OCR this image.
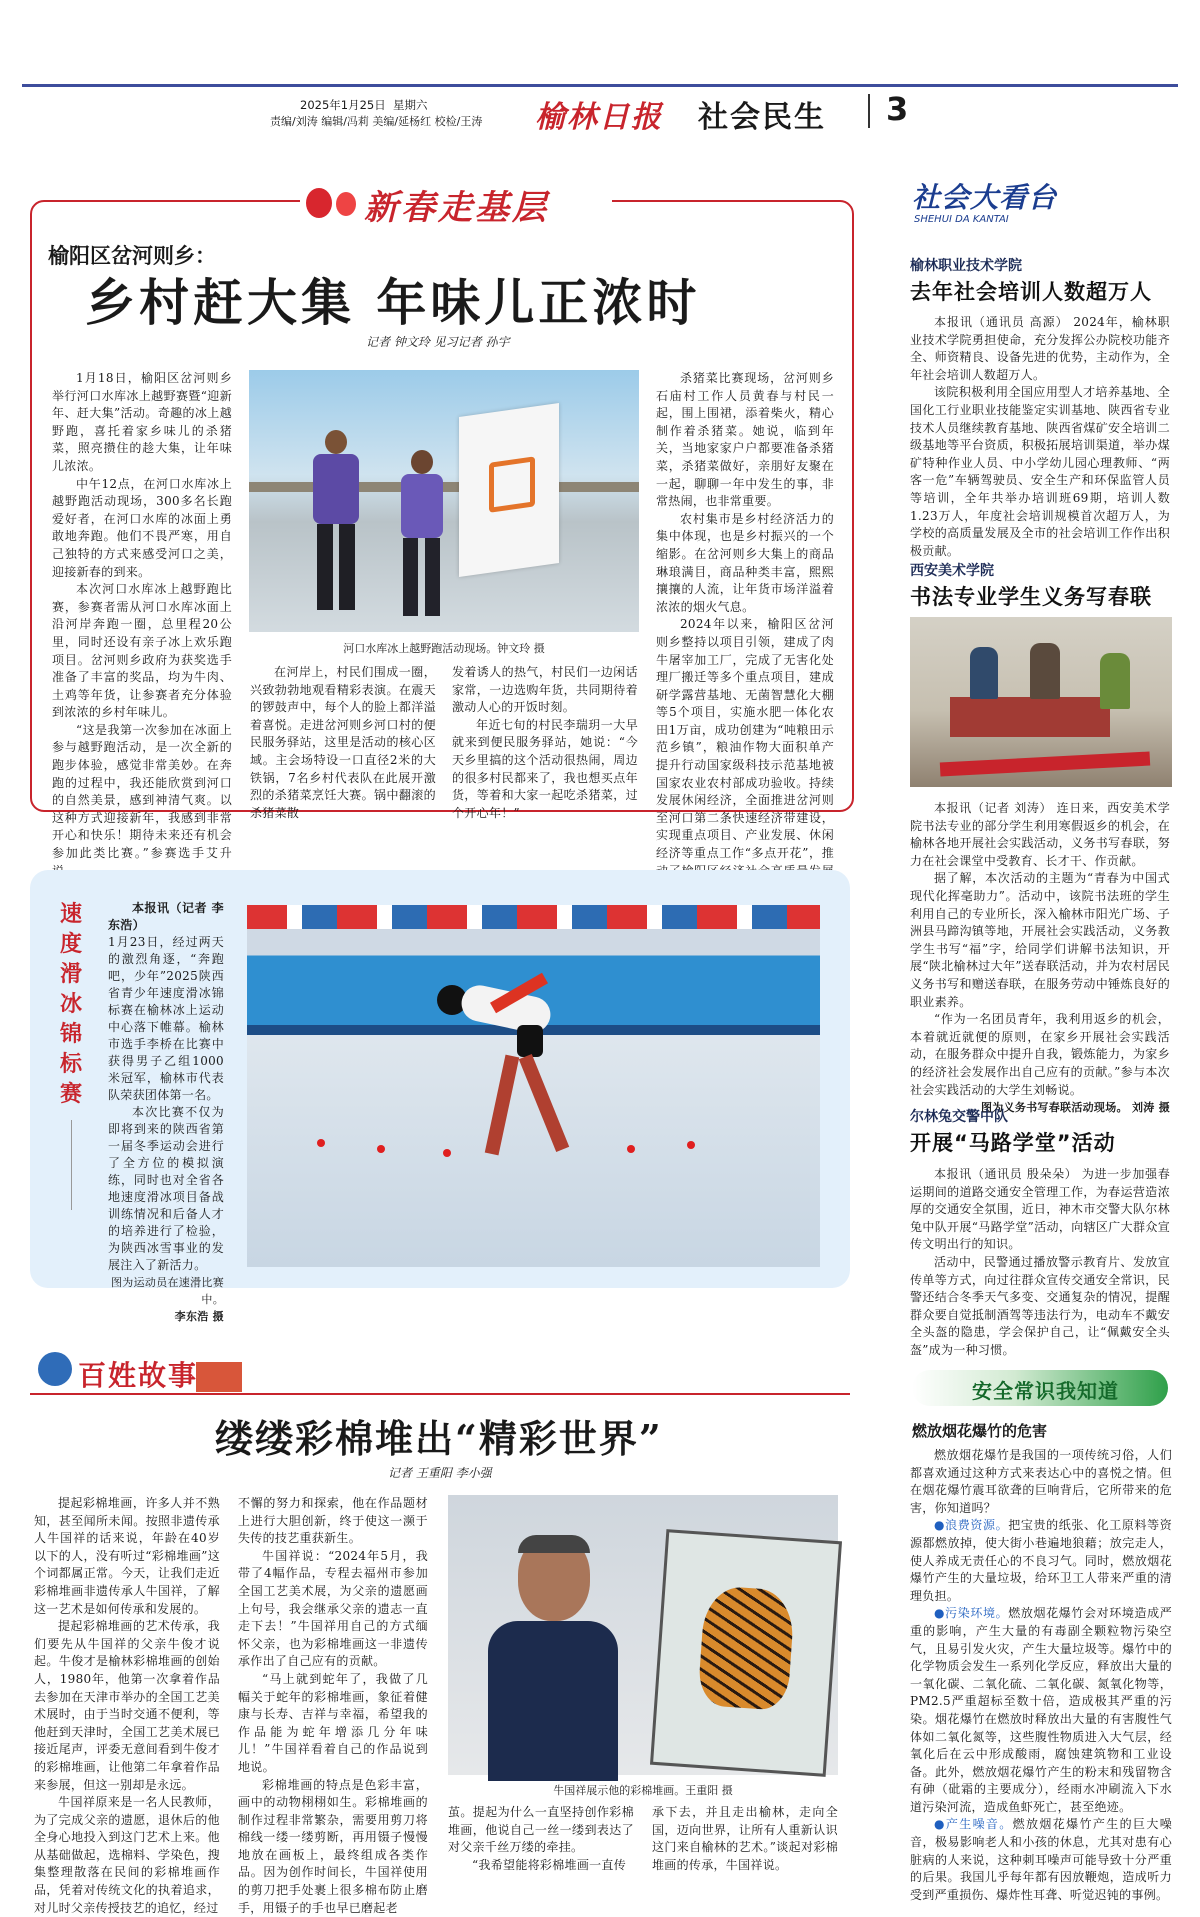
2025年1月25日 星期六
责编/刘涛 编辑/冯莉 美编/延杨红 校检/王涛 榆林日报 社会民生 3
新春走基层
榆阳区岔河则乡：
乡村赶大集 年味儿正浓时
记者 钟文玲 见习记者 孙宇

1月18日，榆阳区岔河则乡举行河口水库冰上越野赛暨“迎新年、赶大集”活动。奇趣的冰上越野跑，喜托着家乡味儿的杀猪菜，照亮攒住的趁大集，让年味儿浓浓。

中午12点，在河口水库冰上越野跑活动现场，300多名长跑爱好者，在河口水库的冰面上勇敢地奔跑。他们不畏严寒，用自己独特的方式来感受河口之美，迎接新春的到来。

本次河口水库冰上越野跑比赛，参赛者需从河口水库冰面上沿河岸奔跑一圈，总里程20公里，同时还设有亲子冰上欢乐跑项目。岔河则乡政府为获奖选手准备了丰富的奖品，均为牛肉、土鸡等年货，让参赛者充分体验到浓浓的乡村年味儿。

“这是我第一次参加在冰面上参与越野跑活动，是一次全新的跑步体验，感觉非常美妙。在奔跑的过程中，我还能欣赏到河口的自然美景，感到神清气爽。以这种方式迎接新年，我感到非常开心和快乐！期待未来还有机会参加此类比赛。”参赛选手艾升

河口水库冰上越野跑活动现场。钟文玲 摄

在河岸上，村民们围成一圈，兴致勃勃地观看精彩表演。在震天的锣鼓声中，每个人的脸上都洋溢着喜悦。走进岔河则乡河口村的便民服务驿站，这里是活动的核心区域。主会场特设一口直径2米的大铁锅，7名乡村代表队在此展开激烈的杀猪菜烹饪大赛。锅中翻滚的杀猪菜散

发着诱人的热气，村民们一边闲话家常，一边选购年货，共同期待着激动人心的开饭时刻。

年近七旬的村民李瑞玥一大早就来到便民服务驿站，她说：“今天乡里搞的这个活动很热闹，周边的很多村民都来了，我也想买点年货，等着和大家一起吃杀猪菜，过个开心年！”

杀猪菜比赛现场，岔河则乡石庙村工作人员黄春与村民一起，围上围裙，添着柴火，精心制作着杀猪菜。她说，临到年关，当地家家户户都要准备杀猪菜，杀猪菜做好，亲朋好友聚在一起，聊聊一年中发生的事，非常热闹，也非常重要。

农村集市是乡村经济活力的集中体现，也是乡村振兴的一个缩影。在岔河则乡大集上的商品琳琅满目，商品种类丰富，熙熙攘攘的人流，让年货市场洋溢着浓浓的烟火气息。

2024年以来，榆阳区岔河则乡整持以项目引领，建成了肉牛屠宰加工厂，完成了无害化处理厂搬迁等多个重点项目，建成研学露营基地、无菌智慧化大棚等5个项目，实施水肥一体化农田1万亩，成功创建为“吨粮田示范乡镇”，粮油作物大面积单产提升行动国家级科技示范基地被国家农业农村部成功验收。持续发展休闲经济，全面推进岔河则至河口第二条快速经济带建设，实现重点项目、产业发展、休闲经济等重点工作“多点开花”，推

速度滑冰锦标赛

本报讯（记者 李东浩）

1月23日，经过两天的激烈角逐，“奔跑吧，少年”2025陕西省青少年速度滑冰锦标赛在榆林冰上运动中心落下帷幕。榆林市选手李桥在比赛中获得男子乙组1000米冠军，榆林市代表队荣获团体第一名。

本次比赛不仅为即将到来的陕西省第一届冬季运动会进行了全方位的模拟演练，同时也对全省各地速度滑冰项目备战训练情况和后备人才的培养进行了检验，为陕西冰雪事业的发展注入了新活力。

图为运动员在速滑比赛中。

李东浩 摄

社会大看台
SHEHUI DA KANTAI
榆林职业技术学院
去年社会培训人数超万人

本报讯（通讯员 高源） 2024年，榆林职业技术学院勇担使命，充分发挥公办院校功能齐全、师资精良、设备先进的优势，主动作为，全年社会培训人数超万人。

该院积极利用全国应用型人才培养基地、全国化工行业职业技能鉴定实训基地、陕西省专业技术人员继续教育基地、陕西省煤矿安全培训二级基地等平台资质，积极拓展培训渠道，举办煤矿特种作业人员、中小学幼儿园心理教师、“两客一危”车辆驾驶员、安全生产和环保监管人员等培训，全年共举办培训班69期，培训人数1.23万人，年度社会培训规模首次超万人，为学校的高质量发展及全市的社会培训工作作出积极贡献。

西安美术学院
书法专业学生义务写春联

本报讯（记者 刘涛） 连日来，西安美术学院书法专业的部分学生利用寒假返乡的机会，在榆林各地开展社会实践活动，义务书写春联，努力在社会课堂中受教育、长才干、作贡献。

据了解，本次活动的主题为“青春为中国式现代化挥毫助力”。活动中，该院书法班的学生利用自己的专业所长，深入榆林市阳光广场、子洲县马蹄沟镇等地，开展社会实践活动，义务教学生书写“福”字，给同学们讲解书法知识，开展“陕北榆林过大年”送春联活动，并为农村居民义务书写和赠送春联，在服务劳动中锤炼良好的职业素养。

“作为一名团员青年，我利用返乡的机会，本着就近就便的原则，在家乡开展社会实践活动，在服务群众中提升自我，锻炼能力，为家乡的经济社会发展作出自己应有的贡献。”参与本次社会实践活动的大学生刘畅说。

图为义务书写春联活动现场。 刘涛 摄

尔林兔交警中队
开展“马路学堂”活动

本报讯（通讯员 殷朵朵） 为进一步加强春运期间的道路交通安全管理工作，为春运营造浓厚的交通安全氛围，近日，神木市交警大队尔林兔中队开展“马路学堂”活动，向辖区广大群众宣传文明出行的知识。

活动中，民警通过播放警示教育片、发放宣传单等方式，向过往群众宣传交通安全常识，民警还结合冬季天气多变、交通复杂的情况，提醒群众要自觉抵制酒驾等违法行为，电动车不戴安全头盔的隐患，学会保护自己，让“佩戴安全头盔”成为一种习惯。

百姓故事
缕缕彩棉堆出“精彩世界”
记者 王重阳 李小强

提起彩棉堆画，许多人并不熟知，甚至闻所未闻。按照非遗传承人牛国祥的话来说，年龄在40岁以下的人，没有听过“彩棉堆画”这个词都属正常。今天，让我们走近彩棉堆画非遗传承人牛国祥，了解这一艺术是如何传承和发展的。

提起彩棉堆画的艺术传承，我们要先从牛国祥的父亲牛俊才说起。牛俊才是榆林彩棉堆画的创始人，1980年，他第一次拿着作品去参加在天津市举办的全国工艺美术展时，由于当时交通不便利，等他赶到天津时，全国工艺美术展已接近尾声，评委无意间看到牛俊才的彩棉堆画，让他第二年拿着作品来参展，但这一别却是永远。

牛国祥原来是一名人民教师，为了完成父亲的遗愿，退休后的他全身心地投入到这门艺术上来。他从基础做起，选棉料、学染色，搜集整理散落在民间的彩棉堆画作品，凭着对传统文化的执着追求，对儿时父亲传授技艺的追忆，经过

不懈的努力和探索，他在作品题材上进行大胆创新，终于使这一濒于失传的技艺重获新生。

牛国祥说：“2024年5月，我带了4幅作品，专程去福州市参加全国工艺美术展，为父亲的遗愿画上句号，我会继承父亲的遗志一直走下去！”牛国祥用自己的方式缅怀父亲，也为彩棉堆画这一非遗传承作出了自己应有的贡献。

“马上就到蛇年了，我做了几幅关于蛇年的彩棉堆画，象征着健康与长寿、吉祥与幸福，希望我的作品能为蛇年增添几分年味儿！”牛国祥看着自己的作品说到地说。

彩棉堆画的特点是色彩丰富，画中的动物栩栩如生。彩棉堆画的制作过程非常繁杂，需要用剪刀将棉线一缕一缕剪断，再用镊子慢慢地放在画板上，最终组成各类作品。因为创作时间长，牛国祥使用的剪刀把手处裹上很多棉布防止磨手，用镊子的手也早已磨起老

牛国祥展示他的彩棉堆画。王重阳 摄

茧。提起为什么一直坚持创作彩棉堆画，他说自己一丝一缕到表达了对父亲千丝万缕的牵挂。

“我希望能将彩棉堆画一直传

承下去，并且走出榆林，走向全国，迈向世界，让所有人重新认识这门来自榆林的艺术。”谈起对彩棉堆画的传承，牛国祥说。

安全常识我知道
燃放烟花爆竹的危害

燃放烟花爆竹是我国的一项传统习俗，人们都喜欢通过这种方式来表达心中的喜悦之情。但在烟花爆竹震耳欲聋的巨响背后，它所带来的危害，你知道吗？

●浪费资源。把宝贵的纸张、化工原料等资源都燃放掉，使大街小巷遍地狼藉；放完走人，使人养成无责任心的不良习气。同时，燃放烟花爆竹产生的大量垃圾，给环卫工人带来严重的清理负担。

●污染环境。燃放烟花爆竹会对环境造成严重的影响，产生大量的有毒副全颗粒物污染空气，且易引发火灾，产生大量垃圾等。爆竹中的化学物质会发生一系列化学反应，释放出大量的一氧化碳、二氧化硫、二氧化碳、氮氧化物等，PM2.5严重超标至数十倍，造成极其严重的污染。烟花爆竹在燃放时释放出大量的有害腹性气体如二氧化氮等，这些腹性物质进入大气层，经氧化后在云中形成酸雨，腐蚀建筑物和工业设备。此外，燃放烟花爆竹产生的粉末和残留物含有砷（砒霜的主要成分），经雨水冲刷流入下水道污染河流，造成鱼虾死亡，甚至绝迹。

●产生噪音。燃放烟花爆竹产生的巨大噪音，极易影响老人和小孩的休息，尤其对患有心脏病的人来说，这种刺耳噪声可能导致十分严重的后果。我国儿乎每年都有因放鞭炮，造成听力受到严重损伤、爆炸性耳聋、听觉迟钝的事例。
